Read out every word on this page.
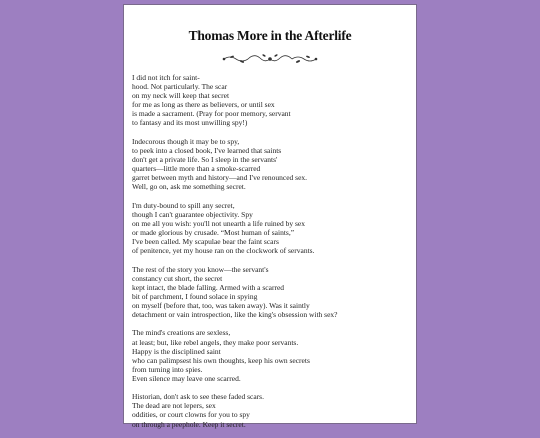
Thomas More in the Afterlife
I did not itch for saint-
hood. Not particularly. The scar
on my neck will keep that secret
for me as long as there as believers, or until sex
is made a sacrament. (Pray for poor memory, servant
to fantasy and its most unwilling spy!)
Indecorous though it may be to spy,
to peek into a closed book, I've learned that saints
don't get a private life. So I sleep in the servants'
quarters—little more than a smoke-scarred
garret between myth and history—and I've renounced sex.
Well, go on, ask me something secret.
I'm duty-bound to spill any secret,
though I can't guarantee objectivity. Spy
on me all you wish: you'll not unearth a life ruined by sex
or made glorious by crusade. “Most human of saints,”
I've been called. My scapulae bear the faint scars
of penitence, yet my house ran on the clockwork of servants.
The rest of the story you know—the servant's
constancy cut short, the secret
kept intact, the blade falling. Armed with a scarred
bit of parchment, I found solace in spying
on myself (before that, too, was taken away). Was it saintly
detachment or vain introspection, like the king's obsession with sex?
The mind's creations are sexless,
at least; but, like rebel angels, they make poor servants.
Happy is the disciplined saint
who can palimpsest his own thoughts, keep his own secrets
from turning into spies.
Even silence may leave one scarred.
Historian, don't ask to see these faded scars.
The dead are not lepers, sex
oddities, or court clowns for you to spy
on through a peephole. Keep it secret.
